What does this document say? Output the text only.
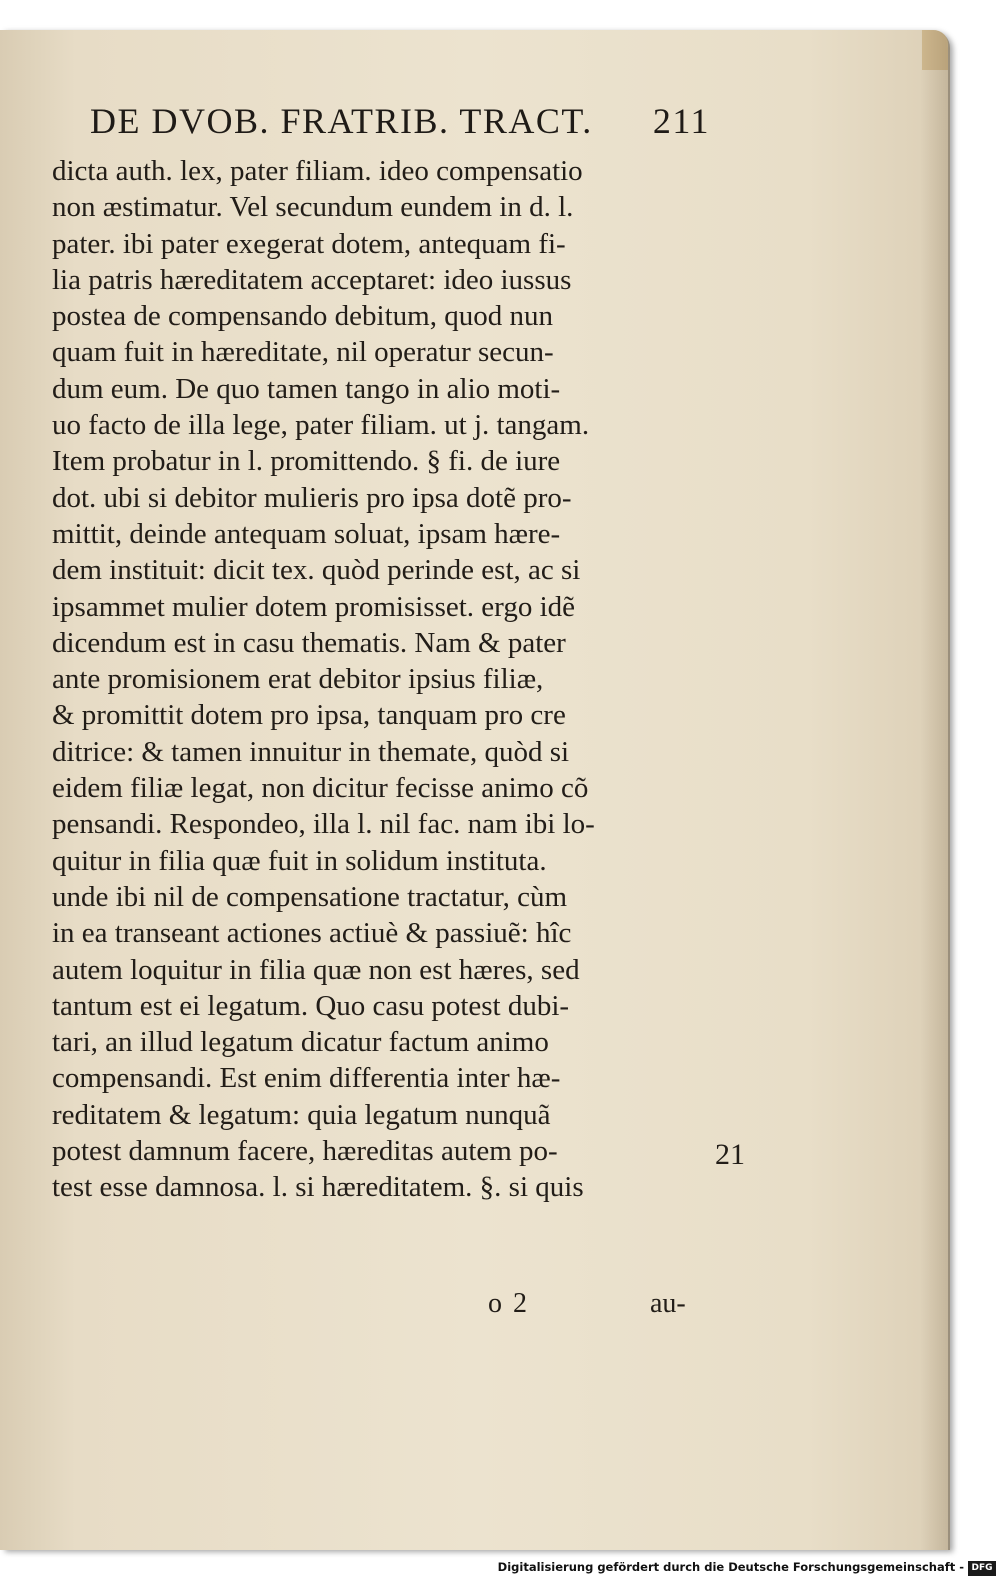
DE DVOB. FRATRIB. TRACT. 211
dicta auth. lex, pater filiam. ideo compensatio
non æstimatur. Vel secundum eundem in d. l.
pater. ibi pater exegerat dotem, antequam fi-
lia patris hæreditatem acceptaret: ideo iussus
postea de compensando debitum, quod nun
quam fuit in hæreditate, nil operatur secun-
dum eum. De quo tamen tango in alio moti-
uo facto de illa lege, pater filiam. ut j. tangam.
Item probatur in l. promittendo. § fi. de iure
dot. ubi si debitor mulieris pro ipsa dotẽ pro-
mittit, deinde antequam soluat, ipsam hære-
dem instituit: dicit tex. quòd perinde est, ac si
ipsammet mulier dotem promisisset. ergo idẽ
dicendum est in casu thematis. Nam & pater
ante promisionem erat debitor ipsius filiæ,
& promittit dotem pro ipsa, tanquam pro cre
ditrice: & tamen innuitur in themate, quòd si
eidem filiæ legat, non dicitur fecisse animo cõ
pensandi. Respondeo, illa l. nil fac. nam ibi lo-
quitur in filia quæ fuit in solidum instituta.
unde ibi nil de compensatione tractatur, cùm
in ea transeant actiones actiuè & passiuẽ: hîc
autem loquitur in filia quæ non est hæres, sed
tantum est ei legatum. Quo casu potest dubi-
tari, an illud legatum dicatur factum animo
compensandi. Est enim differentia inter hæ-
reditatem & legatum: quia legatum nunquã
potest damnum facere, hæreditas autem po-
test esse damnosa. l. si hæreditatem. §. si quis
21
o 2	au-
Digitalisierung gefördert durch die Deutsche Forschungsgemeinschaft - DFG
